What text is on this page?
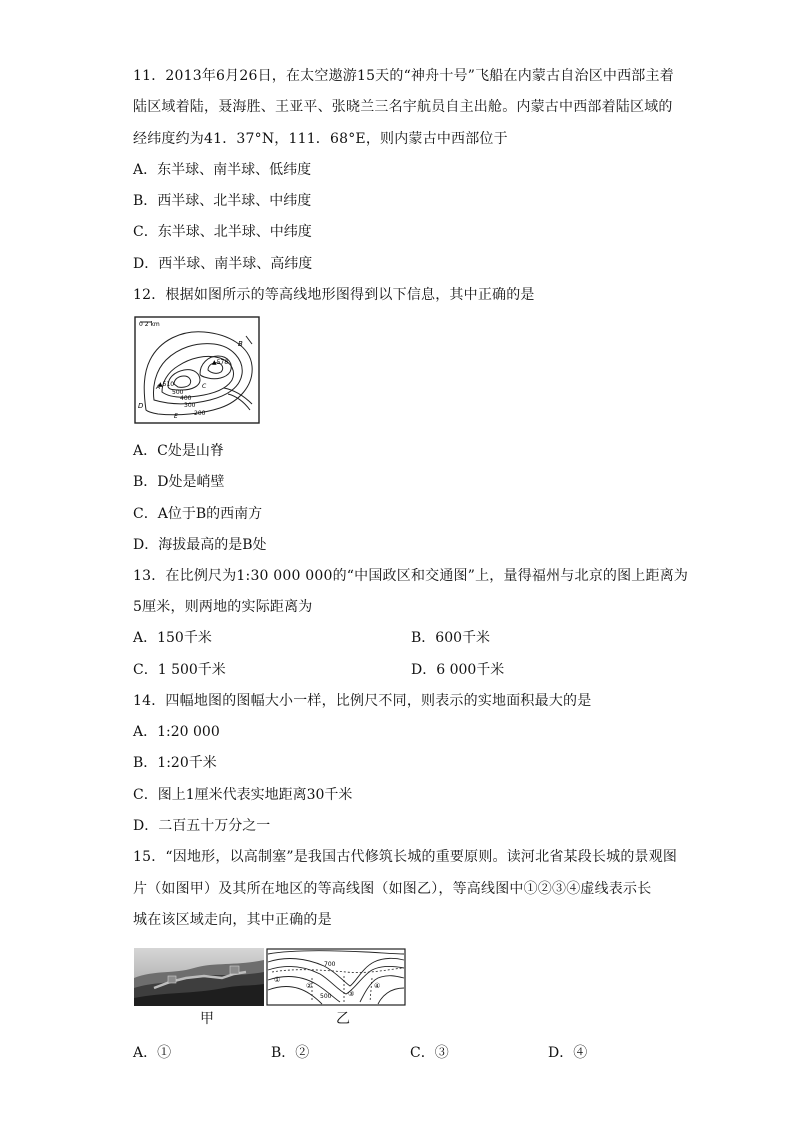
11．2013年6月26日，在太空遨游15天的“神舟十号”飞船在内蒙古自治区中西部主着
陆区域着陆，聂海胜、王亚平、张晓兰三名宇航员自主出舱。内蒙古中西部着陆区域的
经纬度约为41．37°N，111．68°E，则内蒙古中西部位于
A．东半球、南半球、低纬度
B．西半球、北半球、中纬度
C．东半球、北半球、中纬度
D．西半球、南半球、高纬度
12．根据如图所示的等高线地形图得到以下信息，其中正确的是
0 2 km
▲578
▲510
500
400
300
200
A
B
C
D
E
A．C处是山脊
B．D处是峭壁
C．A位于B的西南方
D．海拔最高的是B处
13．在比例尺为1:30 000 000的“中国政区和交通图”上，量得福州与北京的图上距离为
5厘米，则两地的实际距离为
A．150千米	B．600千米
C．1 500千米	D．6 000千米
14．四幅地图的图幅大小一样，比例尺不同，则表示的实地面积最大的是
A．1:20 000
B．1:20千米
C．图上1厘米代表实地距离30千米
D．二百五十万分之一
15．“因地形，以高制塞”是我国古代修筑长城的重要原则。读河北省某段长城的景观图
片（如图甲）及其所在地区的等高线图（如图乙），等高线图中①②③④虚线表示长
城在该区域走向，其中正确的是
700
500
①
②
③
④
甲	乙
A．①	B．②	C．③	D．④
